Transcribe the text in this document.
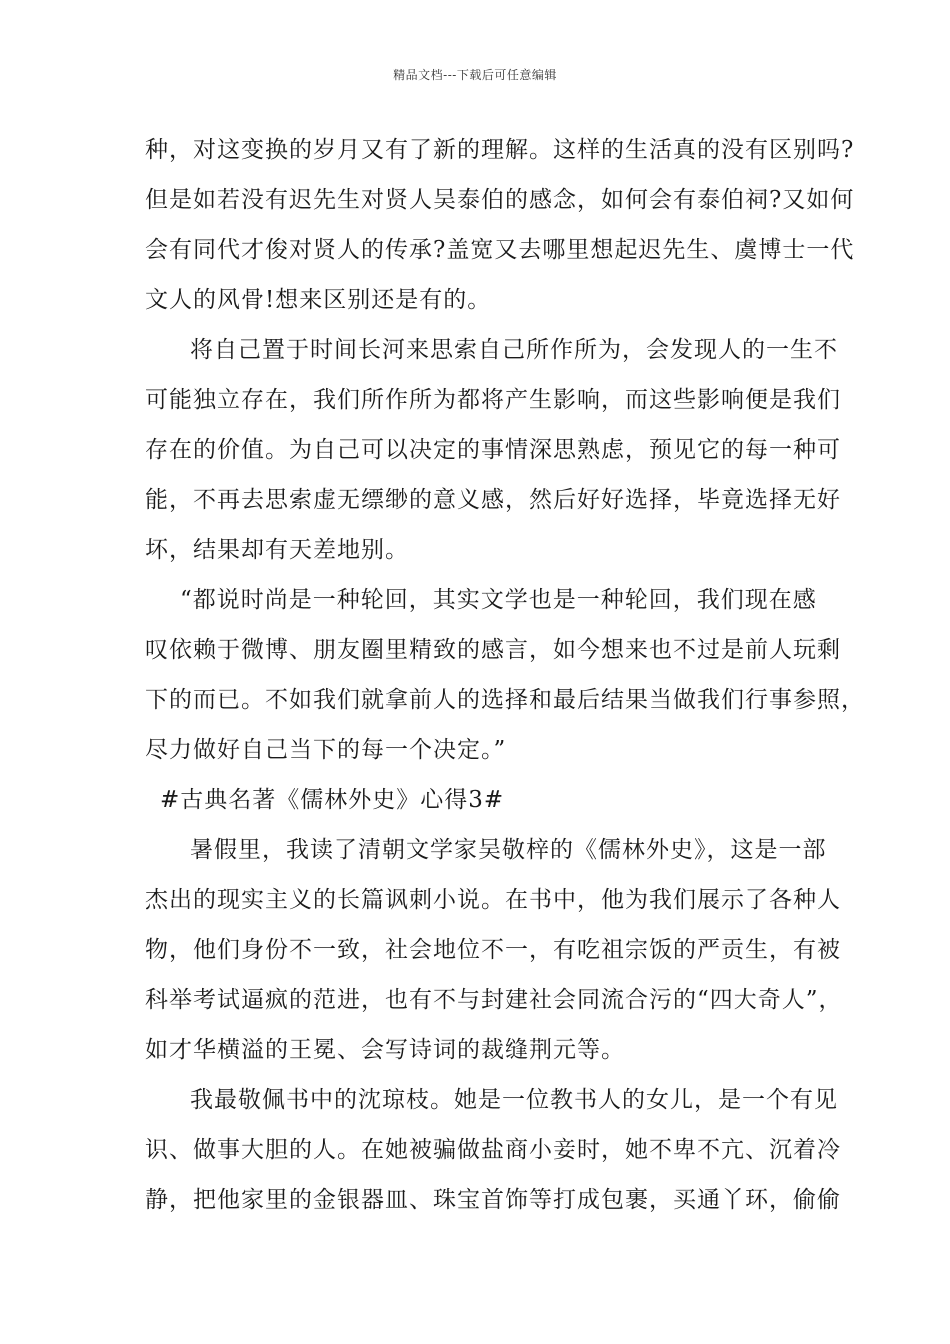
精品文档---下载后可任意编辑
种，对这变换的岁月又有了新的理解。这样的生活真的没有区别吗?
但是如若没有迟先生对贤人吴泰伯的感念，如何会有泰伯祠?又如何
会有同代才俊对贤人的传承?盖宽又去哪里想起迟先生、虞博士一代
文人的风骨!想来区别还是有的。
将自己置于时间长河来思索自己所作所为，会发现人的一生不
可能独立存在，我们所作所为都将产生影响，而这些影响便是我们
存在的价值。为自己可以决定的事情深思熟虑，预见它的每一种可
能，不再去思索虚无缥缈的意义感，然后好好选择，毕竟选择无好
坏，结果却有天差地别。
“都说时尚是一种轮回，其实文学也是一种轮回，我们现在感
叹依赖于微博、朋友圈里精致的感言，如今想来也不过是前人玩剩
下的而已。不如我们就拿前人的选择和最后结果当做我们行事参照，
尽力做好自己当下的每一个决定。”
#古典名著《儒林外史》心得3#
暑假里，我读了清朝文学家吴敬梓的《儒林外史》，这是一部
杰出的现实主义的长篇讽刺小说。在书中，他为我们展示了各种人
物，他们身份不一致，社会地位不一，有吃祖宗饭的严贡生，有被
科举考试逼疯的范进，也有不与封建社会同流合污的“四大奇人”，
如才华横溢的王冕、会写诗词的裁缝荆元等。
我最敬佩书中的沈琼枝。她是一位教书人的女儿，是一个有见
识、做事大胆的人。在她被骗做盐商小妾时，她不卑不亢、沉着冷
静，把他家里的金银器皿、珠宝首饰等打成包裹，买通丫环，偷偷
